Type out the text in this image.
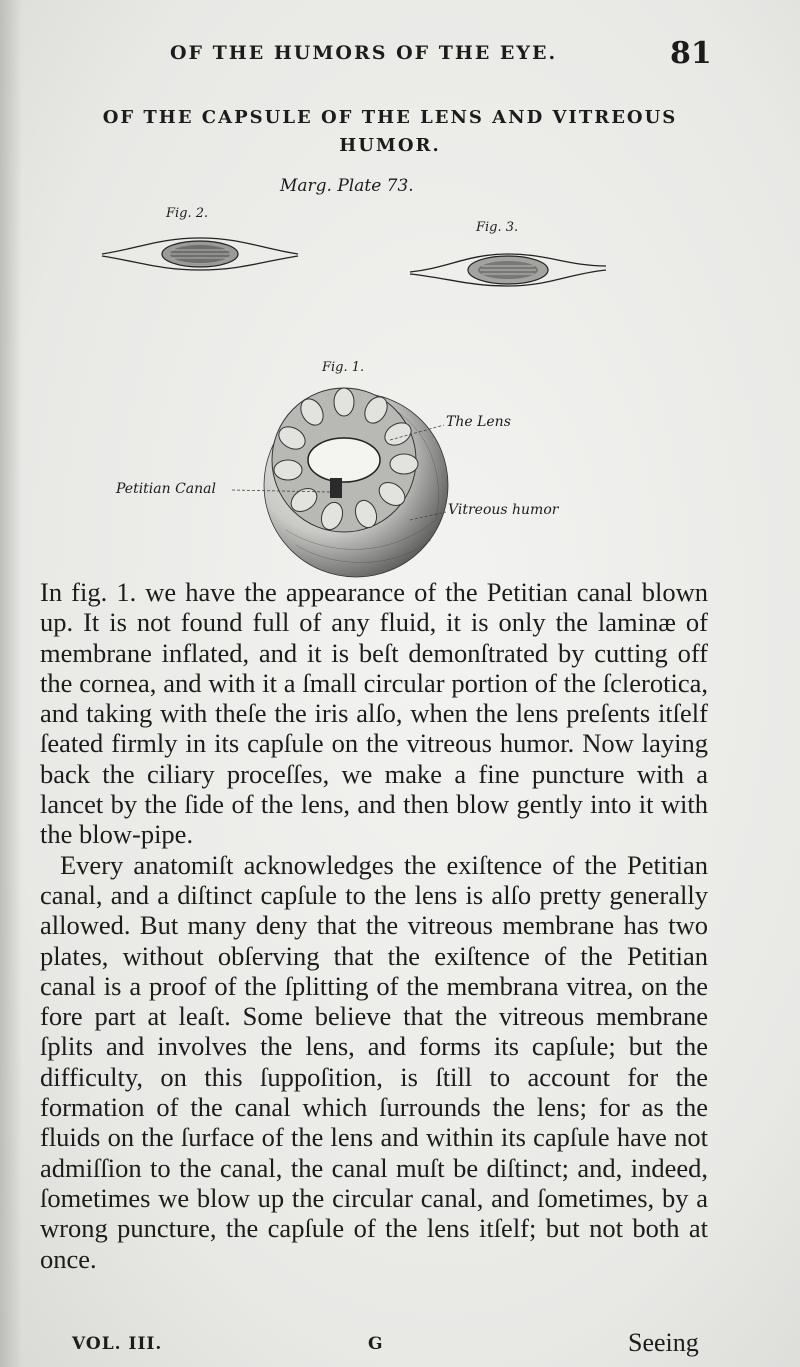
OF THE HUMORS OF THE EYE.	81
OF THE CAPSULE OF THE LENS AND VITREOUS
HUMOR.
Marg. Plate 73.
Fig. 2.
Fig. 3.
Fig. 1.
The Lens
Petitian Canal
Vitreous humor

In fig. 1. we have the appearance of the Petitian canal blown up. It is not found full of any fluid, it is only the laminæ of membrane inflated, and it is beſt demonſtrated by cutting off the cornea, and with it a ſmall circular portion of the ſclerotica, and taking with theſe the iris alſo, when the lens preſents itſelf ſeated firmly in its capſule on the vitreous humor. Now laying back the ciliary proceſſes, we make a fine puncture with a lancet by the ſide of the lens, and then blow gently into it with the blow-pipe.

Every anatomiſt acknowledges the exiſtence of the Petitian canal, and a diſtinct capſule to the lens is alſo pretty generally allowed. But many deny that the vitreous membrane has two plates, without obſerving that the exiſtence of the Petitian canal is a proof of the ſplitting of the membrana vitrea, on the fore part at leaſt. Some believe that the vitreous membrane ſplits and involves the lens, and forms its capſule; but the difficulty, on this ſuppoſition, is ſtill to account for the formation of the canal which ſurrounds the lens; for as the fluids on the ſurface of the lens and within its capſule have not admiſſion to the canal, the canal muſt be diſtinct; and, indeed, ſometimes we blow up the circular canal, and ſometimes, by a wrong puncture, the capſule of the lens itſelf; but not both at once.

VOL. III.	G	Seeing
